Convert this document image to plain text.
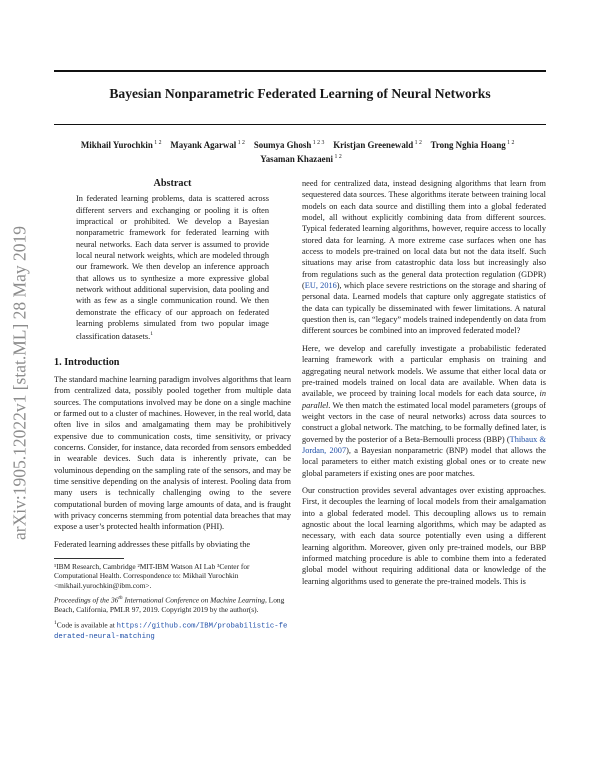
arXiv:1905.12022v1 [stat.ML] 28 May 2019
Bayesian Nonparametric Federated Learning of Neural Networks
Mikhail Yurochkin $^{1 2}$ Mayank Agarwal $^{1 2}$ Soumya Ghosh $^{1 2 3}$ Kristjan Greenewald $^{1 2}$ Trong Nghia Hoang $^{1 2}$    Yasaman Khazaeni $^{1 2}$
Abstract
In federated learning problems, data is scattered across different servers and exchanging or pooling it is often impractical or prohibited. We develop a Bayesian nonparametric framework for federated learning with neural networks. Each data server is assumed to provide local neural network weights, which are modeled through our framework. We then develop an inference approach that allows us to synthesize a more expressive global network without additional supervision, data pooling and with as few as a single communication round. We then demonstrate the efficacy of our approach on federated learning problems simulated from two popular image classification datasets.$^1$
1. Introduction

The standard machine learning paradigm involves algorithms that learn from centralized data, possibly pooled together from multiple data sources. The computations involved may be done on a single machine or farmed out to a cluster of machines. However, in the real world, data often live in silos and amalgamating them may be prohibitively expensive due to communication costs, time sensitivity, or privacy concerns. Consider, for instance, data recorded from sensors embedded in wearable devices. Such data is inherently private, can be voluminous depending on the sampling rate of the sensors, and may be time sensitive depending on the analysis of interest. Pooling data from many users is technically challenging owing to the severe computational burden of moving large amounts of data, and is fraught with privacy concerns stemming from potential data breaches that may expose a user’s protected health information (PHI).

Federated learning addresses these pitfalls by obviating the

¹IBM Research, Cambridge ²MIT-IBM Watson AI Lab ³Center for Computational Health. Correspondence to: Mikhail Yurochkin <mikhail.yurochkin@ibm.com>.
Proceedings of the 36th International Conference on Machine Learning, Long Beach, California, PMLR 97, 2019. Copyright 2019 by the author(s).
$^1$Code is available at https://github.com/IBM/probabilistic-federated-neural-matching

need for centralized data, instead designing algorithms that learn from sequestered data sources. These algorithms iterate between training local models on each data source and distilling them into a global federated model, all without explicitly combining data from different sources. Typical federated learning algorithms, however, require access to locally stored data for learning. A more extreme case surfaces when one has access to models pre-trained on local data but not the data itself. Such situations may arise from catastrophic data loss but increasingly also from regulations such as the general data protection regulation (GDPR) (EU, 2016), which place severe restrictions on the storage and sharing of personal data. Learned models that capture only aggregate statistics of the data can typically be disseminated with fewer limitations. A natural question then is, can “legacy” models trained independently on data from different sources be combined into an improved federated model?

Here, we develop and carefully investigate a probabilistic federated learning framework with a particular emphasis on training and aggregating neural network models. We assume that either local data or pre-trained models trained on local data are available. When data is available, we proceed by training local models for each data source, in parallel. We then match the estimated local model parameters (groups of weight vectors in the case of neural networks) across data sources to construct a global network. The matching, to be formally defined later, is governed by the posterior of a Beta-Bernoulli process (BBP) (Thibaux & Jordan, 2007), a Bayesian nonparametric (BNP) model that allows the local parameters to either match existing global ones or to create new global parameters if existing ones are poor matches.

Our construction provides several advantages over existing approaches. First, it decouples the learning of local models from their amalgamation into a global federated model. This decoupling allows us to remain agnostic about the local learning algorithms, which may be adapted as necessary, with each data source potentially even using a different learning algorithm. Moreover, given only pre-trained models, our BBP informed matching procedure is able to combine them into a federated global model without requiring additional data or knowledge of the learning algorithms used to generate the pre-trained models. This is
